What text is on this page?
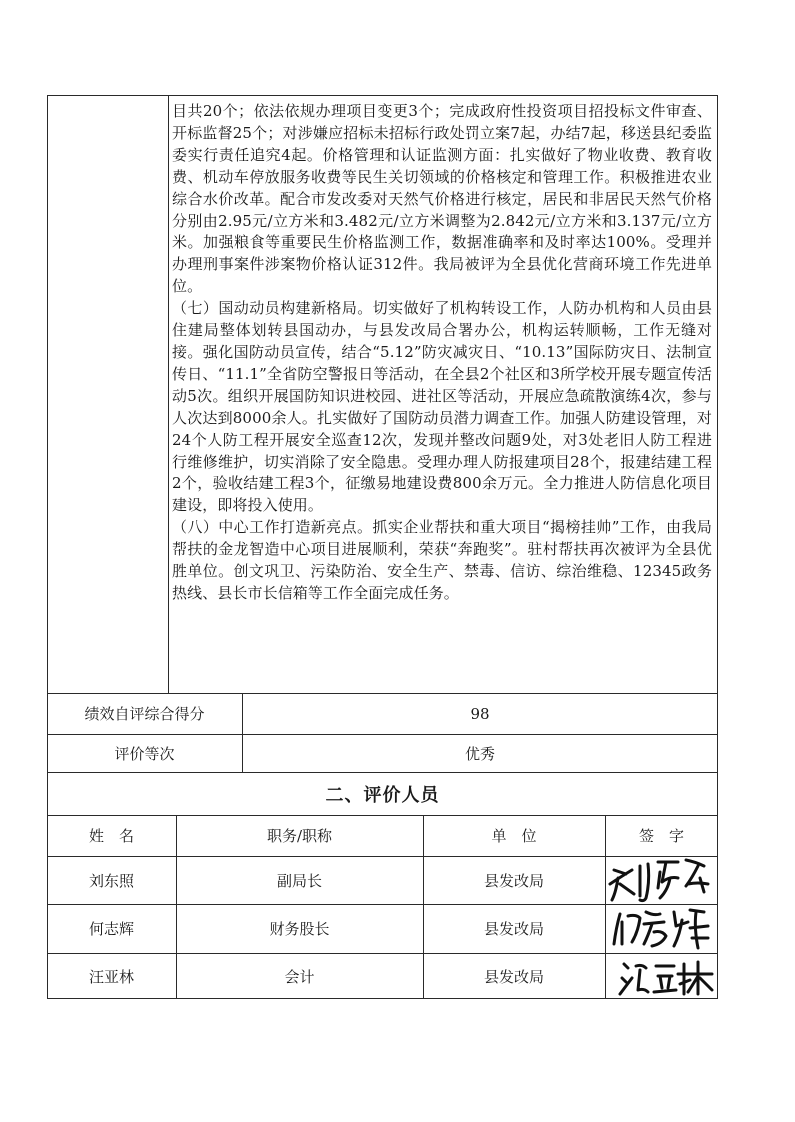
目共20个；依法依规办理项目变更3个；完成政府性投资项目招投标文件审查、开标监督25个；对涉嫌应招标未招标行政处罚立案7起，办结7起，移送县纪委监委实行责任追究4起。价格管理和认证监测方面：扎实做好了物业收费、教育收费、机动车停放服务收费等民生关切领域的价格核定和管理工作。积极推进农业综合水价改革。配合市发改委对天然气价格进行核定，居民和非居民天然气价格分别由2.95元/立方米和3.482元/立方米调整为2.842元/立方米和3.137元/立方米。加强粮食等重要民生价格监测工作，数据准确率和及时率达100%。受理并办理刑事案件涉案物价格认证312件。我局被评为全县优化营商环境工作先进单位。

（七）国动动员构建新格局。切实做好了机构转设工作，人防办机构和人员由县住建局整体划转县国动办，与县发改局合署办公，机构运转顺畅，工作无缝对接。强化国防动员宣传，结合“5.12”防灾减灾日、“10.13”国际防灾日、法制宣传日、“11.1”全省防空警报日等活动，在全县2个社区和3所学校开展专题宣传活动5次。组织开展国防知识进校园、进社区等活动，开展应急疏散演练4次，参与人次达到8000余人。扎实做好了国防动员潜力调查工作。加强人防建设管理，对24个人防工程开展安全巡查12次，发现并整改问题9处，对3处老旧人防工程进行维修维护，切实消除了安全隐患。受理办理人防报建项目28个，报建结建工程2个，验收结建工程3个，征缴易地建设费800余万元。全力推进人防信息化项目建设，即将投入使用。

（八）中心工作打造新亮点。抓实企业帮扶和重大项目“揭榜挂帅”工作，由我局帮扶的金龙智造中心项目进展顺利，荣获“奔跑奖”。驻村帮扶再次被评为全县优胜单位。创文巩卫、污染防治、安全生产、禁毒、信访、综治维稳、12345政务热线、县长市长信箱等工作全面完成任务。

绩效自评综合得分	98
评价等次	优秀
二、评价人员
姓　名	职务/职称	单　位	签　字
刘东照	副局长	县发改局
何志辉	财务股长	县发改局
汪亚林	会计	县发改局
